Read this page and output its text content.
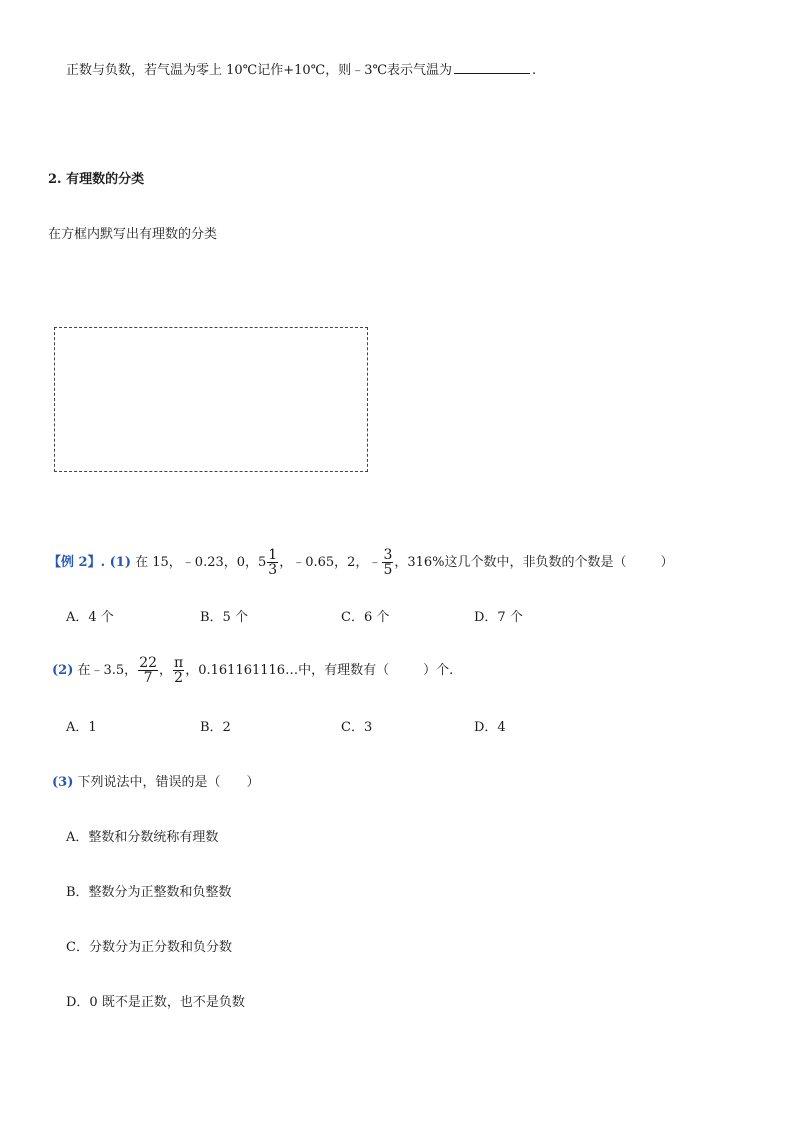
正数与负数，若气温为零上 10℃记作+10℃，则﹣3℃表示气温为	.
2. 有理数的分类
在方框内默写出有理数的分类
【例 2】. (1) 在 15，﹣0.23，0，$5 \frac{1}{3}$ ，﹣0.65，2，﹣ $\frac{3}{5}$ ，316%这几个数中，非负数的个数是（	）
A．4 个	B．5 个	C．6 个	D．7 个
(2) 在﹣3.5， $\frac{22}{7}$ ， $\frac{\pi}{2}$ ，0.161161116…中，有理数有（	）个.
A．1	B．2	C．3	D．4
(3) 下列说法中，错误的是（ ）
A．整数和分数统称有理数
B．整数分为正整数和负整数
C．分数分为正分数和负分数
D．0 既不是正数，也不是负数
